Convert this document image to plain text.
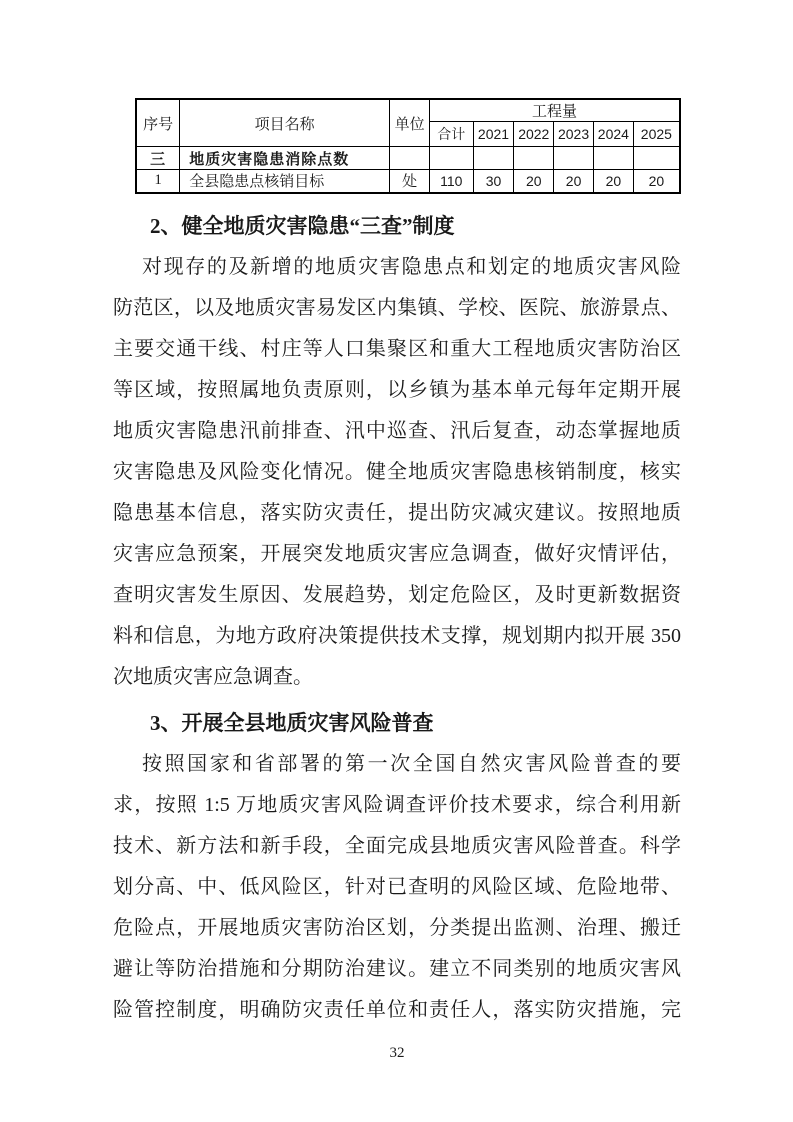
序号	项目名称	单位	工程量					
			合计	2021	2022	2023	2024	2025
三	地质灾害隐患消除点数							
1	全县隐患点核销目标	处	110	30	20	20	20	20
2、健全地质灾害隐患“三查”制度
对现存的及新增的地质灾害隐患点和划定的地质灾害风险
防范区，以及地质灾害易发区内集镇、学校、医院、旅游景点、
主要交通干线、村庄等人口集聚区和重大工程地质灾害防治区
等区域，按照属地负责原则，以乡镇为基本单元每年定期开展
地质灾害隐患汛前排查、汛中巡查、汛后复查，动态掌握地质
灾害隐患及风险变化情况。健全地质灾害隐患核销制度，核实
隐患基本信息，落实防灾责任，提出防灾减灾建议。按照地质
灾害应急预案，开展突发地质灾害应急调查，做好灾情评估，
查明灾害发生原因、发展趋势，划定危险区，及时更新数据资
料和信息，为地方政府决策提供技术支撑，规划期内拟开展 350
次地质灾害应急调查。
3、开展全县地质灾害风险普查
按照国家和省部署的第一次全国自然灾害风险普查的要
求，按照 1:5 万地质灾害风险调查评价技术要求，综合利用新
技术、新方法和新手段，全面完成县地质灾害风险普查。科学
划分高、中、低风险区，针对已查明的风险区域、危险地带、
危险点，开展地质灾害防治区划，分类提出监测、治理、搬迁
避让等防治措施和分期防治建议。建立不同类别的地质灾害风
险管控制度，明确防灾责任单位和责任人，落实防灾措施，完
32
